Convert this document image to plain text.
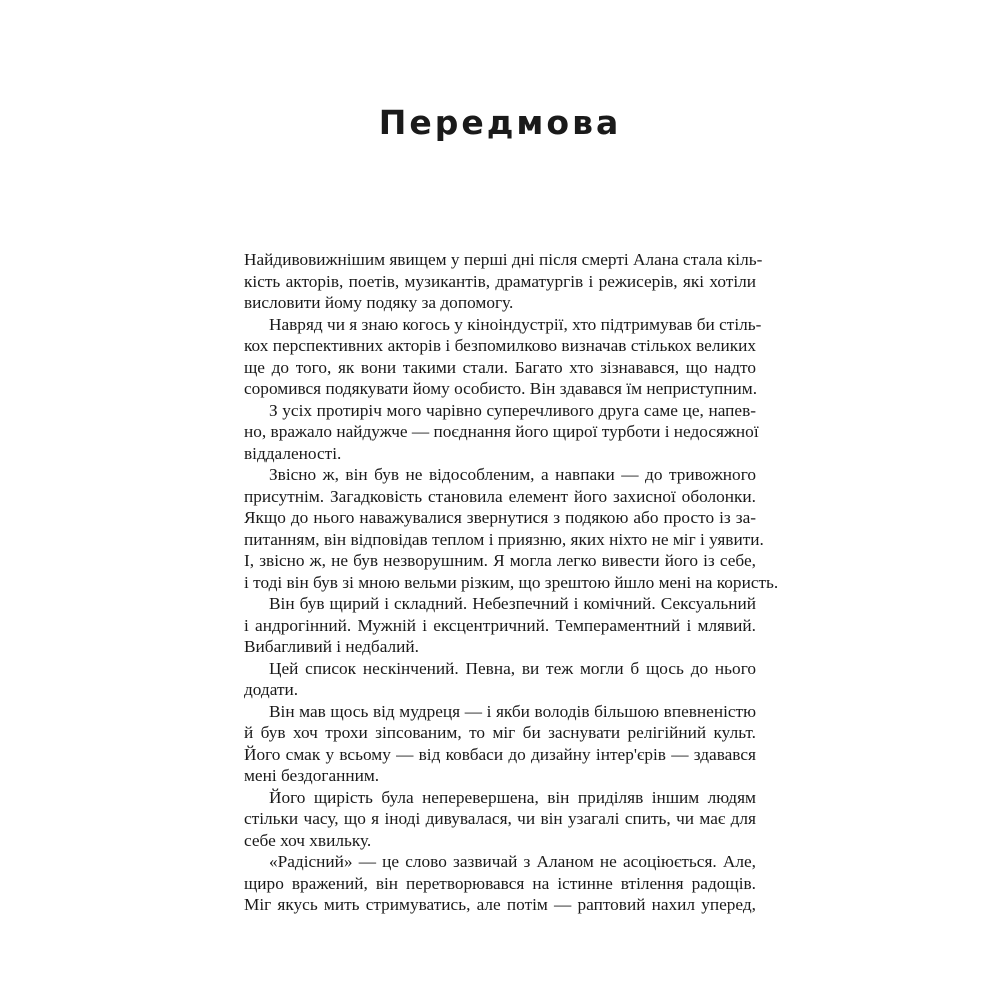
Передмова
Найдивовижнішим явищем у перші дні після смерті Алана стала кіль-
кість акторів, поетів, музикантів, драматургів і режисерів, які хотіли
висловити йому подяку за допомогу.
Навряд чи я знаю когось у кіноіндустрії, хто підтримував би стіль-
кох перспективних акторів і безпомилково визначав стількох великих
ще до того, як вони такими стали. Багато хто зізнавався, що надто
соромився подякувати йому особисто. Він здавався їм неприступним.
З усіх протиріч мого чарівно суперечливого друга саме це, напев-
но, вражало найдужче — поєднання його щирої турботи і недосяжної
віддаленості.
Звісно ж, він був не відособленим, а навпаки — до тривожного
присутнім. Загадковість становила елемент його захисної оболонки.
Якщо до нього наважувалися звернутися з подякою або просто із за-
питанням, він відповідав теплом і приязню, яких ніхто не міг і уявити.
І, звісно ж, не був незворушним. Я могла легко вивести його із себе,
і тоді він був зі мною вельми різким, що зрештою йшло мені на користь.
Він був щирий і складний. Небезпечний і комічний. Сексуальний
і андрогінний. Мужній і ексцентричний. Темпераментний і млявий.
Вибагливий і недбалий.
Цей список нескінчений. Певна, ви теж могли б щось до нього
додати.
Він мав щось від мудреця — і якби володів більшою впевненістю
й був хоч трохи зіпсованим, то міг би заснувати релігійний культ.
Його смак у всьому — від ковбаси до дизайну інтер'єрів — здавався
мені бездоганним.
Його щирість була неперевершена, він приділяв іншим людям
стільки часу, що я іноді дивувалася, чи він узагалі спить, чи має для
себе хоч хвильку.
«Радісний» — це слово зазвичай з Аланом не асоціюється. Але,
щиро вражений, він перетворювався на істинне втілення радощів.
Міг якусь мить стримуватись, але потім — раптовий нахил уперед,
